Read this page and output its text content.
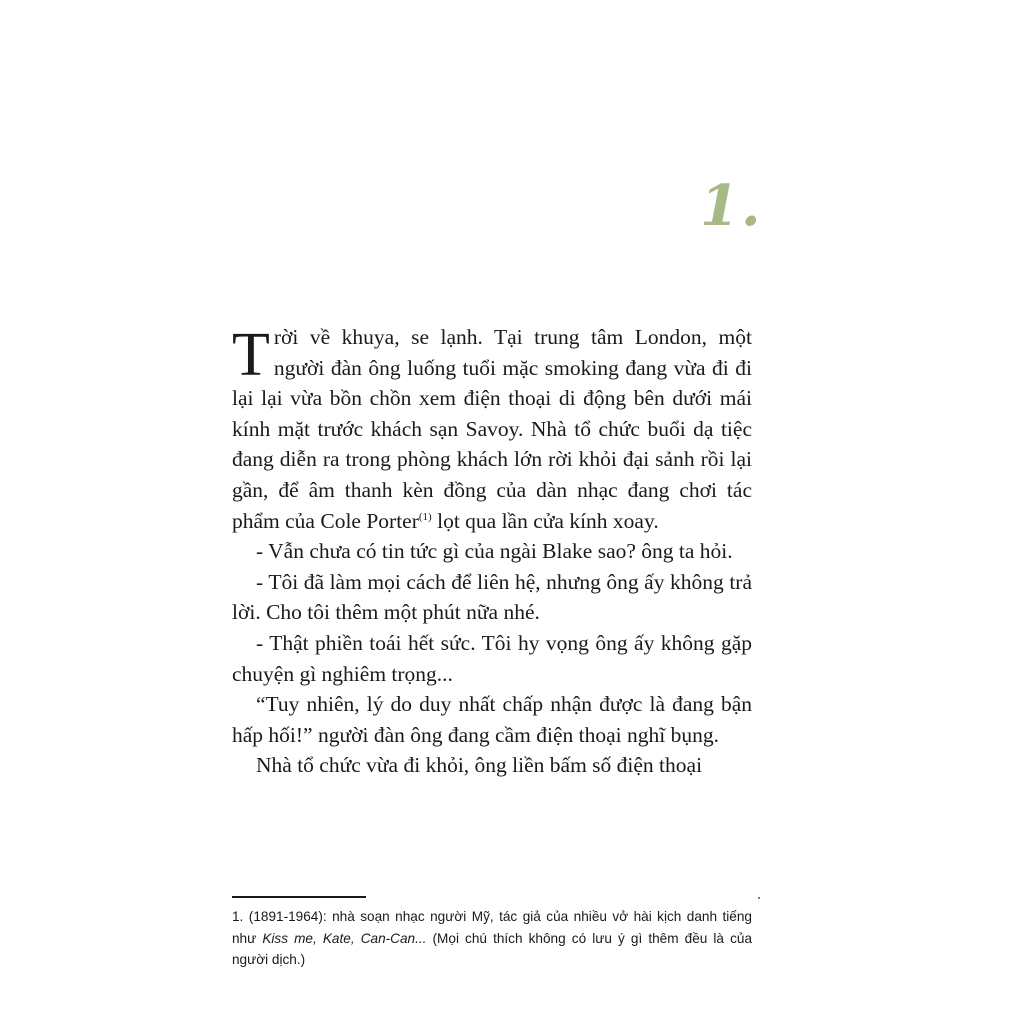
1.

Trời về khuya, se lạnh. Tại trung tâm London, một người đàn ông luống tuổi mặc smoking đang vừa đi đi lại lại vừa bồn chồn xem điện thoại di động bên dưới mái kính mặt trước khách sạn Savoy. Nhà tổ chức buổi dạ tiệc đang diễn ra trong phòng khách lớn rời khỏi đại sảnh rồi lại gần, để âm thanh kèn đồng của dàn nhạc đang chơi tác phẩm của Cole Porter$^{(1)}$ lọt qua lần cửa kính xoay.

- Vẫn chưa có tin tức gì của ngài Blake sao? ông ta hỏi.

- Tôi đã làm mọi cách để liên hệ, nhưng ông ấy không trả lời. Cho tôi thêm một phút nữa nhé.

- Thật phiền toái hết sức. Tôi hy vọng ông ấy không gặp chuyện gì nghiêm trọng...

“Tuy nhiên, lý do duy nhất chấp nhận được là đang bận hấp hối!” người đàn ông đang cầm điện thoại nghĩ bụng.

Nhà tổ chức vừa đi khỏi, ông liền bấm số điện thoại

1. (1891-1964): nhà soạn nhạc người Mỹ, tác giả của nhiều vở hài kịch danh tiếng như Kiss me, Kate, Can-Can... (Mọi chú thích không có lưu ý gì thêm đều là của người dịch.)
